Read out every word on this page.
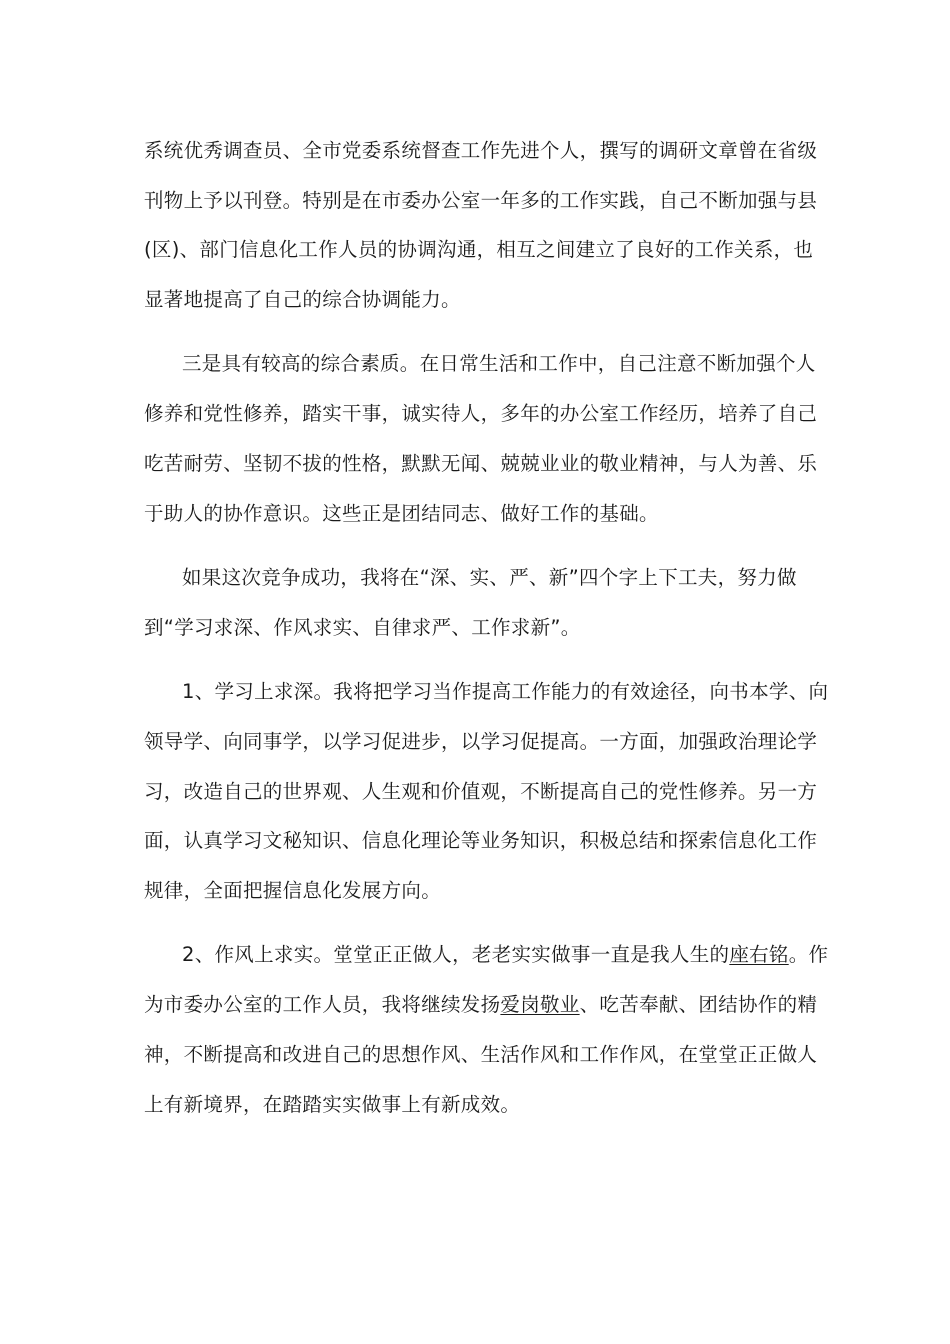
系统优秀调查员、全市党委系统督查工作先进个人，撰写的调研文章曾在省级
刊物上予以刊登。特别是在市委办公室一年多的工作实践，自己不断加强与县
(区)、部门信息化工作人员的协调沟通，相互之间建立了良好的工作关系，也
显著地提高了自己的综合协调能力。
三是具有较高的综合素质。在日常生活和工作中，自己注意不断加强个人
修养和党性修养，踏实干事，诚实待人，多年的办公室工作经历，培养了自己
吃苦耐劳、坚韧不拔的性格，默默无闻、兢兢业业的敬业精神，与人为善、乐
于助人的协作意识。这些正是团结同志、做好工作的基础。
如果这次竞争成功，我将在“深、实、严、新”四个字上下工夫，努力做
到“学习求深、作风求实、自律求严、工作求新”。
1、学习上求深。我将把学习当作提高工作能力的有效途径，向书本学、向
领导学、向同事学，以学习促进步，以学习促提高。一方面，加强政治理论学
习，改造自己的世界观、人生观和价值观，不断提高自己的党性修养。另一方
面，认真学习文秘知识、信息化理论等业务知识，积极总结和探索信息化工作
规律，全面把握信息化发展方向。
2、作风上求实。堂堂正正做人，老老实实做事一直是我人生的座右铭。作
为市委办公室的工作人员，我将继续发扬爱岗敬业、吃苦奉献、团结协作的精
神，不断提高和改进自己的思想作风、生活作风和工作作风，在堂堂正正做人
上有新境界，在踏踏实实做事上有新成效。
